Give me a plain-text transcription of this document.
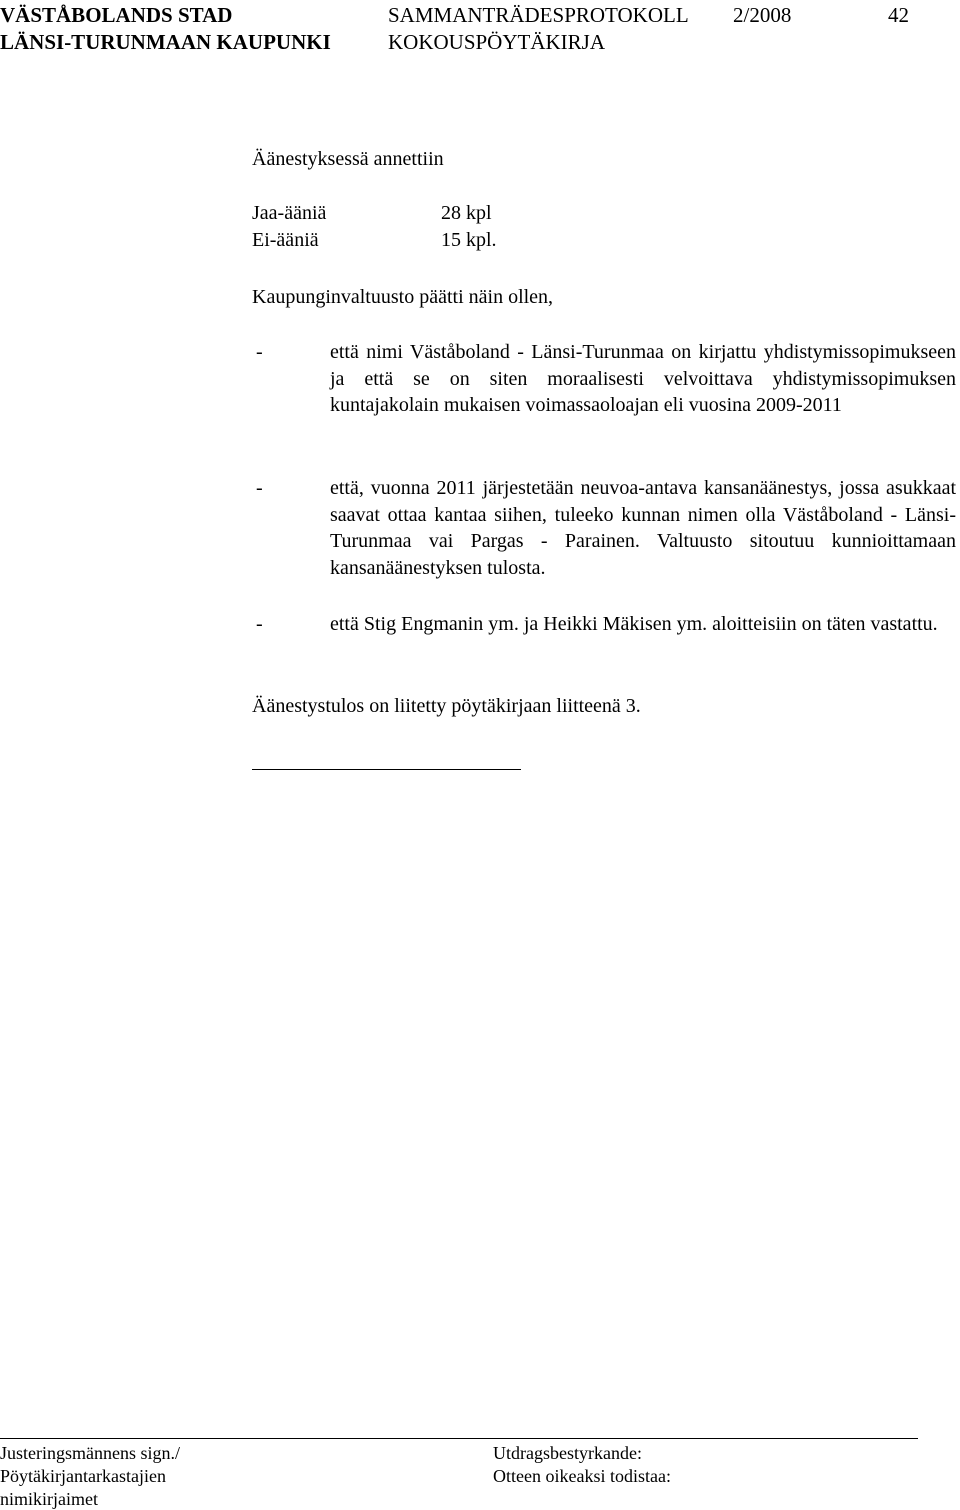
VÄSTÅBOLANDS STAD
LÄNSI-TURUNMAAN KAUPUNKI
SAMMANTRÄDESPROTOKOLL
KOKOUSPÖYTÄKIRJA
2/2008	42
Äänestyksessä annettiin
Jaa-ääniä	28 kpl
Ei-ääniä	15 kpl.
Kaupunginvaltuusto päätti näin ollen,
-	että nimi Väståboland - Länsi-Turunmaa on kirjattu yhdistymissopimukseen ja että se on siten moraalisesti velvoittava yhdistymissopimuksen kuntajakolain mukaisen voimassaoloajan eli vuosina 2009-2011
-	että, vuonna 2011 järjestetään neuvoa-antava kansanäänestys, jossa asukkaat saavat ottaa kantaa siihen, tuleeko kunnan nimen olla Väståboland - Länsi-Turunmaa vai Pargas - Parainen. Valtuusto sitoutuu kunnioittamaan kansanäänestyksen tulosta.
-	että Stig Engmanin ym. ja Heikki Mäkisen ym. aloitteisiin on täten vastattu.
Äänestystulos on liitetty pöytäkirjaan liitteenä 3.
Justeringsmännens sign./
Pöytäkirjantarkastajien
nimikirjaimet
Utdragsbestyrkande:
Otteen oikeaksi todistaa:
